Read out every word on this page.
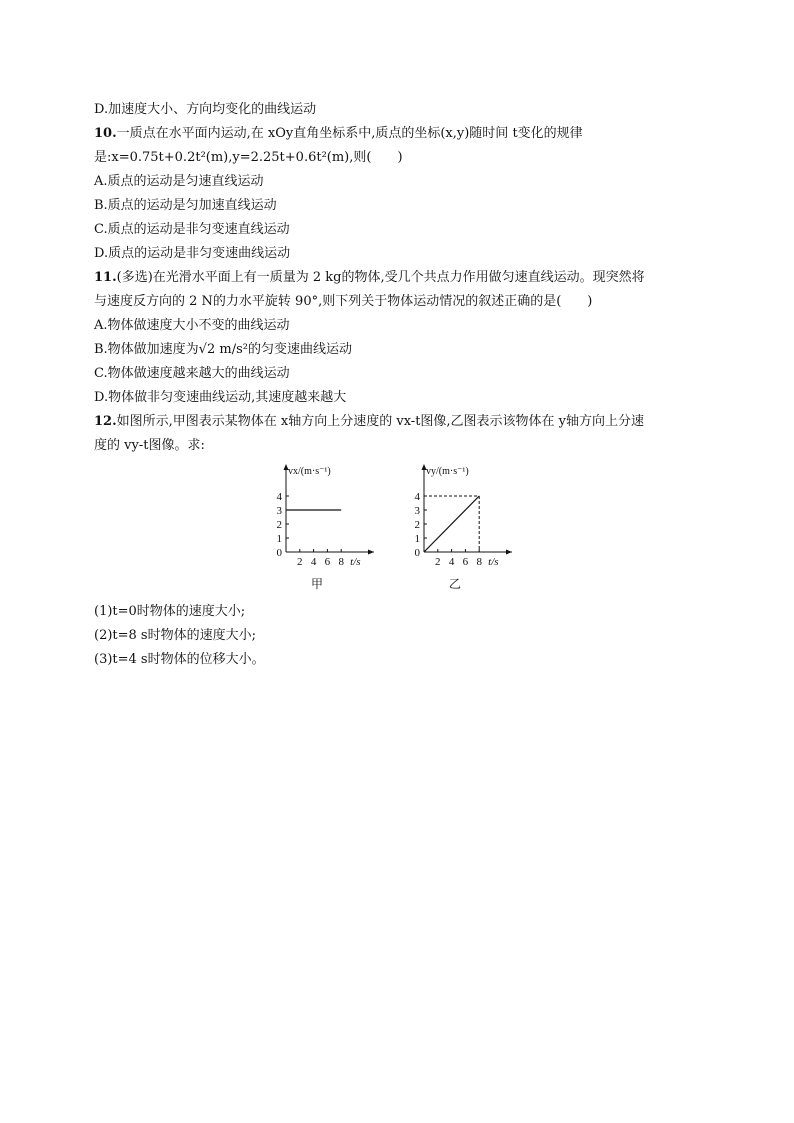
D.加速度大小、方向均变化的曲线运动
10.一质点在水平面内运动,在 xOy直角坐标系中,质点的坐标(x,y)随时间 t变化的规律
是:x=0.75t+0.2t²(m),y=2.25t+0.6t²(m),则(　　)
A.质点的运动是匀速直线运动
B.质点的运动是匀加速直线运动
C.质点的运动是非匀变速直线运动
D.质点的运动是非匀变速曲线运动
11.(多选)在光滑水平面上有一质量为 2 kg的物体,受几个共点力作用做匀速直线运动。现突然将
与速度反方向的 2 N的力水平旋转 90°,则下列关于物体运动情况的叙述正确的是(　　)
A.物体做速度大小不变的曲线运动
B.物体做加速度为√2 m/s²的匀变速曲线运动
C.物体做速度越来越大的曲线运动
D.物体做非匀变速曲线运动,其速度越来越大
12.如图所示,甲图表示某物体在 x轴方向上分速度的 vx-t图像,乙图表示该物体在 y轴方向上分速
度的 vy-t图像。求:
vx/(m·s⁻¹)
t/s
0
1
2
3
4
2 4 6 8
甲
vy/(m·s⁻¹)
t/s
0
1
2
3
4
2 4 6 8
乙
(1)t=0时物体的速度大小;
(2)t=8 s时物体的速度大小;
(3)t=4 s时物体的位移大小。
